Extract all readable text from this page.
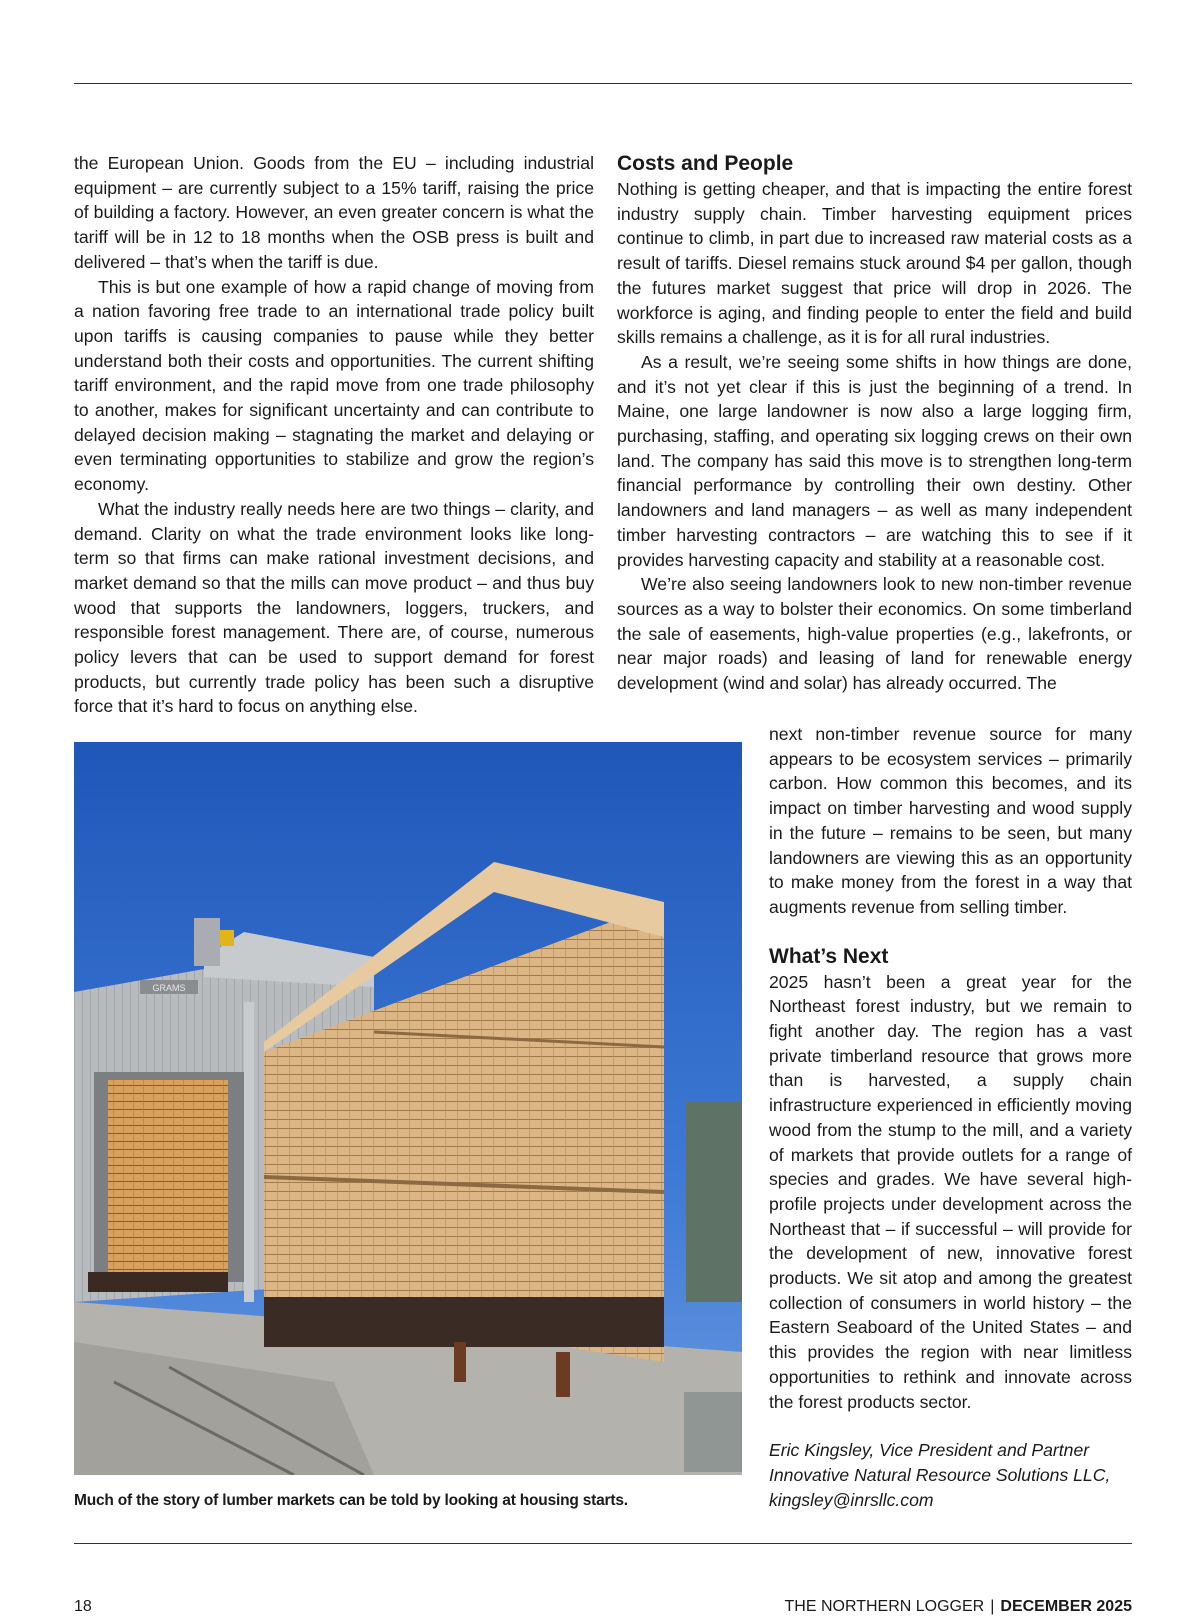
the European Union. Goods from the EU – including industrial equipment – are currently subject to a 15% tariff, raising the price of building a factory. However, an even greater concern is what the tariff will be in 12 to 18 months when the OSB press is built and delivered – that’s when the tariff is due.

This is but one example of how a rapid change of moving from a nation favoring free trade to an international trade policy built upon tariffs is causing companies to pause while they better understand both their costs and opportunities. The current shifting tariff environment, and the rapid move from one trade philosophy to another, makes for significant uncertainty and can contribute to delayed decision making – stagnating the market and delaying or even terminating opportunities to stabilize and grow the region’s economy.

What the industry really needs here are two things – clarity, and demand. Clarity on what the trade environment looks like long-term so that firms can make rational investment decisions, and market demand so that the mills can move product – and thus buy wood that supports the landowners, loggers, truckers, and responsible forest management. There are, of course, numerous policy levers that can be used to support demand for forest products, but currently trade policy has been such a disruptive force that it’s hard to focus on anything else.

Costs and People

Nothing is getting cheaper, and that is impacting the entire forest industry supply chain. Timber harvesting equipment prices continue to climb, in part due to increased raw material costs as a result of tariffs. Diesel remains stuck around $4 per gallon, though the futures market suggest that price will drop in 2026. The workforce is aging, and finding people to enter the field and build skills remains a challenge, as it is for all rural industries.

As a result, we’re seeing some shifts in how things are done, and it’s not yet clear if this is just the beginning of a trend. In Maine, one large landowner is now also a large logging firm, purchasing, staffing, and operating six logging crews on their own land. The company has said this move is to strengthen long-term financial performance by controlling their own destiny. Other landowners and land managers – as well as many independent timber harvesting contractors – are watching this to see if it provides harvesting capacity and stability at a reasonable cost.

We’re also seeing landowners look to new non-timber revenue sources as a way to bolster their economics. On some timberland the sale of easements, high-value properties (e.g., lakefronts, or near major roads) and leasing of land for renewable energy development (wind and solar) has already occurred. The

next non-timber revenue source for many appears to be ecosystem services – primarily carbon. How common this becomes, and its impact on timber harvesting and wood supply in the future – remains to be seen, but many landowners are viewing this as an opportunity to make money from the forest in a way that augments revenue from selling timber.

What’s Next

2025 hasn’t been a great year for the Northeast forest industry, but we remain to fight another day. The region has a vast private timberland resource that grows more than is harvested, a supply chain infrastructure experienced in efficiently moving wood from the stump to the mill, and a variety of markets that provide outlets for a range of species and grades. We have several high-profile projects under development across the Northeast that – if successful – will provide for the development of new, innovative forest products. We sit atop and among the greatest collection of consumers in world history – the Eastern Seaboard of the United States – and this provides the region with near limitless opportunities to rethink and innovate across the forest products sector.

Eric Kingsley, Vice President and Partner
Innovative Natural Resource Solutions LLC,
kingsley@inrsllc.com
GRAMS
Much of the story of lumber markets can be told by looking at housing starts.
18	THE NORTHERN LOGGER | DECEMBER 2025
